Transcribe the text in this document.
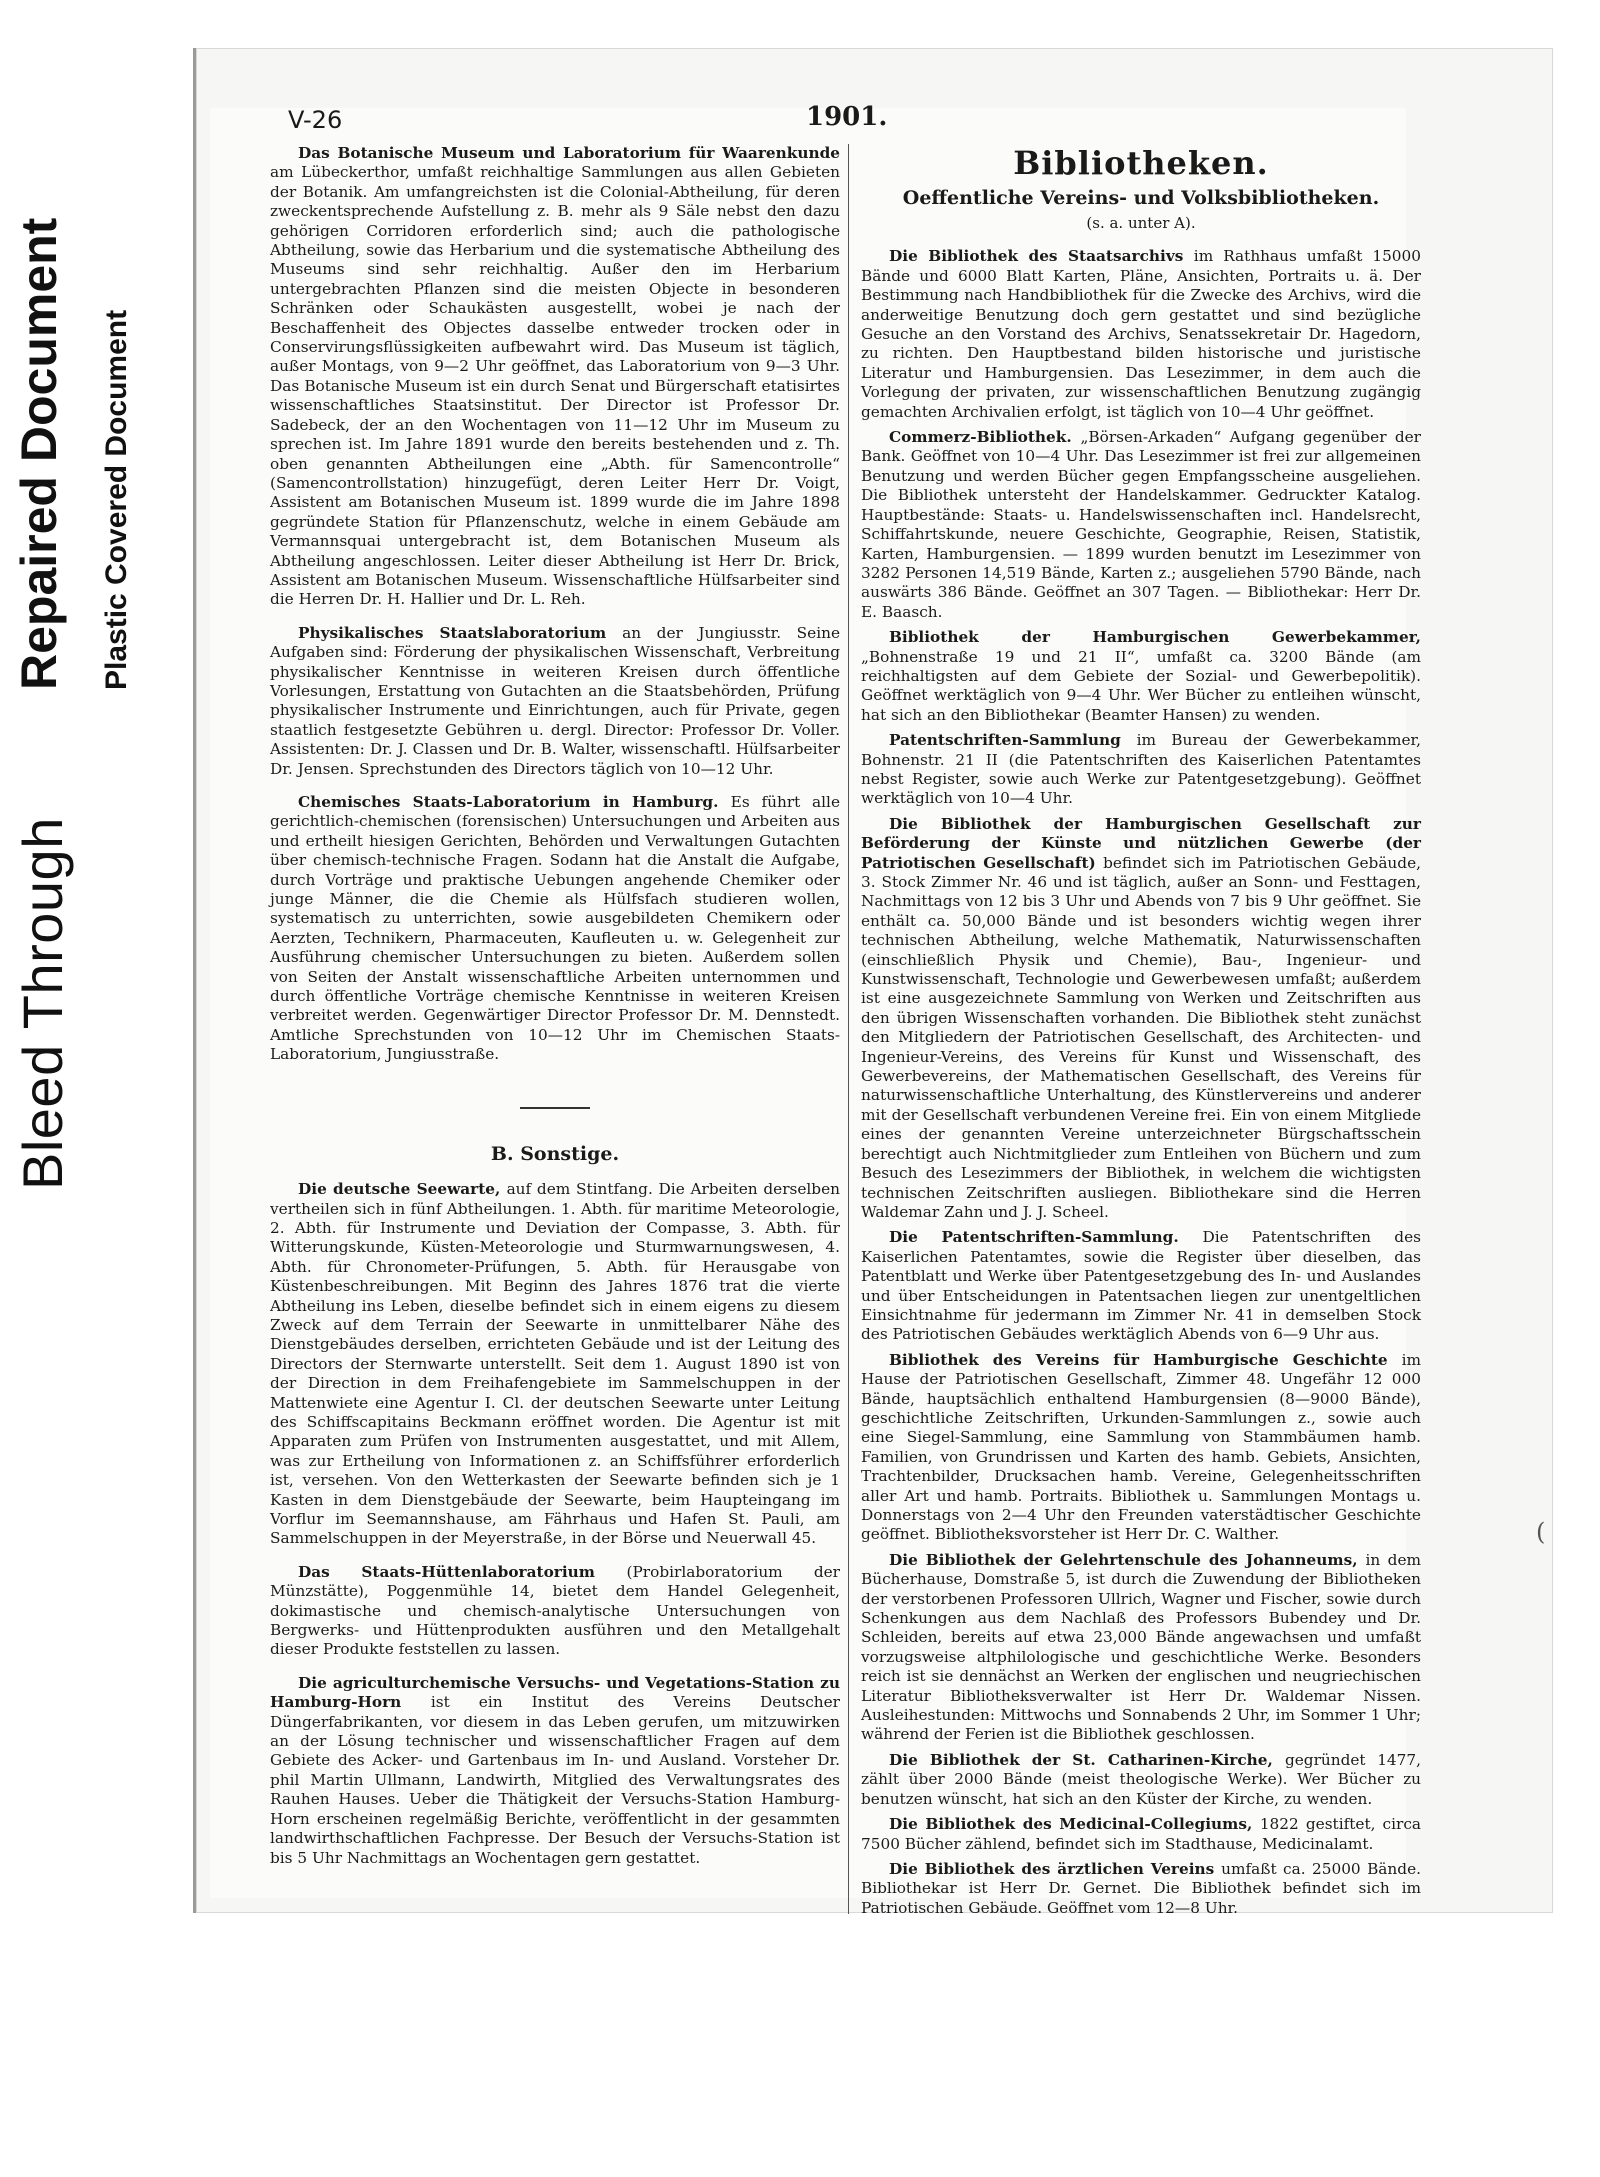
Bleed Through
Repaired Document Plastic Covered Document
V-26	1901.
(

Das Botanische Museum und Laboratorium für Waarenkunde am Lübeckerthor, umfaßt reichhaltige Sammlungen aus allen Gebieten der Botanik. Am umfangreichsten ist die Colonial-Abtheilung, für deren zweckentsprechende Aufstellung z. B. mehr als 9 Säle nebst den dazu gehörigen Corridoren erforderlich sind; auch die pathologische Abtheilung, sowie das Herbarium und die systematische Abtheilung des Museums sind sehr reichhaltig. Außer den im Herbarium untergebrachten Pflanzen sind die meisten Objecte in besonderen Schränken oder Schaukästen ausgestellt, wobei je nach der Beschaffenheit des Objectes dasselbe entweder trocken oder in Conservirungsflüssigkeiten aufbewahrt wird. Das Museum ist täglich, außer Montags, von 9—2 Uhr geöffnet, das Laboratorium von 9—3 Uhr. Das Botanische Museum ist ein durch Senat und Bürgerschaft etatisirtes wissenschaftliches Staatsinstitut. Der Director ist Professor Dr. Sadebeck, der an den Wochentagen von 11—12 Uhr im Museum zu sprechen ist. Im Jahre 1891 wurde den bereits bestehenden und z. Th. oben genannten Abtheilungen eine „Abth. für Samencontrolle“ (Samencontrollstation) hinzugefügt, deren Leiter Herr Dr. Voigt, Assistent am Botanischen Museum ist. 1899 wurde die im Jahre 1898 gegründete Station für Pflanzenschutz, welche in einem Gebäude am Vermannsquai untergebracht ist, dem Botanischen Museum als Abtheilung angeschlossen. Leiter dieser Abtheilung ist Herr Dr. Brick, Assistent am Botanischen Museum. Wissenschaftliche Hülfsarbeiter sind die Herren Dr. H. Hallier und Dr. L. Reh.

Physikalisches Staatslaboratorium an der Jungiusstr. Seine Aufgaben sind: Förderung der physikalischen Wissenschaft, Verbreitung physikalischer Kenntnisse in weiteren Kreisen durch öffentliche Vorlesungen, Erstattung von Gutachten an die Staatsbehörden, Prüfung physikalischer Instrumente und Einrichtungen, auch für Private, gegen staatlich festgesetzte Gebühren u. dergl. Director: Professor Dr. Voller. Assistenten: Dr. J. Classen und Dr. B. Walter, wissenschaftl. Hülfsarbeiter Dr. Jensen. Sprechstunden des Directors täglich von 10—12 Uhr.

Chemisches Staats-Laboratorium in Hamburg. Es führt alle gerichtlich-chemischen (forensischen) Untersuchungen und Arbeiten aus und ertheilt hiesigen Gerichten, Behörden und Verwaltungen Gutachten über chemisch-technische Fragen. Sodann hat die Anstalt die Aufgabe, durch Vorträge und praktische Uebungen angehende Chemiker oder junge Männer, die die Chemie als Hülfsfach studieren wollen, systematisch zu unterrichten, sowie ausgebildeten Chemikern oder Aerzten, Technikern, Pharmaceuten, Kaufleuten u. w. Gelegenheit zur Ausführung chemischer Untersuchungen zu bieten. Außerdem sollen von Seiten der Anstalt wissenschaftliche Arbeiten unternommen und durch öffentliche Vorträge chemische Kenntnisse in weiteren Kreisen verbreitet werden. Gegenwärtiger Director Professor Dr. M. Dennstedt. Amtliche Sprechstunden von 10—12 Uhr im Chemischen Staats-Laboratorium, Jungiusstraße.

B. Sonstige.

Die deutsche Seewarte, auf dem Stintfang. Die Arbeiten derselben vertheilen sich in fünf Abtheilungen. 1. Abth. für maritime Meteorologie, 2. Abth. für Instrumente und Deviation der Compasse, 3. Abth. für Witterungskunde, Küsten-Meteorologie und Sturmwarnungswesen, 4. Abth. für Chronometer-Prüfungen, 5. Abth. für Herausgabe von Küstenbeschreibungen. Mit Beginn des Jahres 1876 trat die vierte Abtheilung ins Leben, dieselbe befindet sich in einem eigens zu diesem Zweck auf dem Terrain der Seewarte in unmittelbarer Nähe des Dienstgebäudes derselben, errichteten Gebäude und ist der Leitung des Directors der Sternwarte unterstellt. Seit dem 1. August 1890 ist von der Direction in dem Freihafengebiete im Sammelschuppen in der Mattenwiete eine Agentur I. Cl. der deutschen Seewarte unter Leitung des Schiffscapitains Beckmann eröffnet worden. Die Agentur ist mit Apparaten zum Prüfen von Instrumenten ausgestattet, und mit Allem, was zur Ertheilung von Informationen z. an Schiffsführer erforderlich ist, versehen. Von den Wetterkasten der Seewarte befinden sich je 1 Kasten in dem Dienstgebäude der Seewarte, beim Haupteingang im Vorflur im Seemannshause, am Fährhaus und Hafen St. Pauli, am Sammelschuppen in der Meyerstraße, in der Börse und Neuerwall 45.

Das Staats-Hüttenlaboratorium (Probirlaboratorium der Münzstätte), Poggenmühle 14, bietet dem Handel Gelegenheit, dokimastische und chemisch-analytische Untersuchungen von Bergwerks- und Hüttenprodukten ausführen und den Metallgehalt dieser Produkte feststellen zu lassen.

Die agriculturchemische Versuchs- und Vegetations-Station zu Hamburg-Horn ist ein Institut des Vereins Deutscher Düngerfabrikanten, vor diesem in das Leben gerufen, um mitzuwirken an der Lösung technischer und wissenschaftlicher Fragen auf dem Gebiete des Acker- und Gartenbaus im In- und Ausland. Vorsteher Dr. phil Martin Ullmann, Landwirth, Mitglied des Verwaltungsrates des Rauhen Hauses. Ueber die Thätigkeit der Versuchs-Station Hamburg-Horn erscheinen regelmäßig Berichte, veröffentlicht in der gesammten landwirthschaftlichen Fachpresse. Der Besuch der Versuchs-Station ist bis 5 Uhr Nachmittags an Wochentagen gern gestattet.

Bibliotheken.
Oeffentliche Vereins- und Volksbibliotheken.
(s. a. unter A).

Die Bibliothek des Staatsarchivs im Rathhaus umfaßt 15000 Bände und 6000 Blatt Karten, Pläne, Ansichten, Portraits u. ä. Der Bestimmung nach Handbibliothek für die Zwecke des Archivs, wird die anderweitige Benutzung doch gern gestattet und sind bezügliche Gesuche an den Vorstand des Archivs, Senatssekretair Dr. Hagedorn, zu richten. Den Hauptbestand bilden historische und juristische Literatur und Hamburgensien. Das Lesezimmer, in dem auch die Vorlegung der privaten, zur wissenschaftlichen Benutzung zugängig gemachten Archivalien erfolgt, ist täglich von 10—4 Uhr geöffnet.

Commerz-Bibliothek. „Börsen-Arkaden“ Aufgang gegenüber der Bank. Geöffnet von 10—4 Uhr. Das Lesezimmer ist frei zur allgemeinen Benutzung und werden Bücher gegen Empfangsscheine ausgeliehen. Die Bibliothek untersteht der Handelskammer. Gedruckter Katalog. Hauptbestände: Staats- u. Handelswissenschaften incl. Handelsrecht, Schiffahrtskunde, neuere Geschichte, Geographie, Reisen, Statistik, Karten, Hamburgensien. — 1899 wurden benutzt im Lesezimmer von 3282 Personen 14,519 Bände, Karten z.; ausgeliehen 5790 Bände, nach auswärts 386 Bände. Geöffnet an 307 Tagen. — Bibliothekar: Herr Dr. E. Baasch.

Bibliothek der Hamburgischen Gewerbekammer, „Bohnenstraße 19 und 21 II“, umfaßt ca. 3200 Bände (am reichhaltigsten auf dem Gebiete der Sozial- und Gewerbepolitik). Geöffnet werktäglich von 9—4 Uhr. Wer Bücher zu entleihen wünscht, hat sich an den Bibliothekar (Beamter Hansen) zu wenden.

Patentschriften-Sammlung im Bureau der Gewerbekammer, Bohnenstr. 21 II (die Patentschriften des Kaiserlichen Patentamtes nebst Register, sowie auch Werke zur Patentgesetzgebung). Geöffnet werktäglich von 10—4 Uhr.

Die Bibliothek der Hamburgischen Gesellschaft zur Beförderung der Künste und nützlichen Gewerbe (der Patriotischen Gesellschaft) befindet sich im Patriotischen Gebäude, 3. Stock Zimmer Nr. 46 und ist täglich, außer an Sonn- und Festtagen, Nachmittags von 12 bis 3 Uhr und Abends von 7 bis 9 Uhr geöffnet. Sie enthält ca. 50,000 Bände und ist besonders wichtig wegen ihrer technischen Abtheilung, welche Mathematik, Naturwissenschaften (einschließlich Physik und Chemie), Bau-, Ingenieur- und Kunstwissenschaft, Technologie und Gewerbewesen umfaßt; außerdem ist eine ausgezeichnete Sammlung von Werken und Zeitschriften aus den übrigen Wissenschaften vorhanden. Die Bibliothek steht zunächst den Mitgliedern der Patriotischen Gesellschaft, des Architecten- und Ingenieur-Vereins, des Vereins für Kunst und Wissenschaft, des Gewerbevereins, der Mathematischen Gesellschaft, des Vereins für naturwissenschaftliche Unterhaltung, des Künstlervereins und anderer mit der Gesellschaft verbundenen Vereine frei. Ein von einem Mitgliede eines der genannten Vereine unterzeichneter Bürgschaftsschein berechtigt auch Nichtmitglieder zum Entleihen von Büchern und zum Besuch des Lesezimmers der Bibliothek, in welchem die wichtigsten technischen Zeitschriften ausliegen. Bibliothekare sind die Herren Waldemar Zahn und J. J. Scheel.

Die Patentschriften-Sammlung. Die Patentschriften des Kaiserlichen Patentamtes, sowie die Register über dieselben, das Patentblatt und Werke über Patentgesetzgebung des In- und Auslandes und über Entscheidungen in Patentsachen liegen zur unentgeltlichen Einsichtnahme für jedermann im Zimmer Nr. 41 in demselben Stock des Patriotischen Gebäudes werktäglich Abends von 6—9 Uhr aus.

Bibliothek des Vereins für Hamburgische Geschichte im Hause der Patriotischen Gesellschaft, Zimmer 48. Ungefähr 12 000 Bände, hauptsächlich enthaltend Hamburgensien (8—9000 Bände), geschichtliche Zeitschriften, Urkunden-Sammlungen z., sowie auch eine Siegel-Sammlung, eine Sammlung von Stammbäumen hamb. Familien, von Grundrissen und Karten des hamb. Gebiets, Ansichten, Trachtenbilder, Drucksachen hamb. Vereine, Gelegenheitsschriften aller Art und hamb. Portraits. Bibliothek u. Sammlungen Montags u. Donnerstags von 2—4 Uhr den Freunden vaterstädtischer Geschichte geöffnet. Bibliotheksvorsteher ist Herr Dr. C. Walther.

Die Bibliothek der Gelehrtenschule des Johanneums, in dem Bücherhause, Domstraße 5, ist durch die Zuwendung der Bibliotheken der verstorbenen Professoren Ullrich, Wagner und Fischer, sowie durch Schenkungen aus dem Nachlaß des Professors Bubendey und Dr. Schleiden, bereits auf etwa 23,000 Bände angewachsen und umfaßt vorzugsweise altphilologische und geschichtliche Werke. Besonders reich ist sie dennächst an Werken der englischen und neugriechischen Literatur Bibliotheksverwalter ist Herr Dr. Waldemar Nissen. Ausleihestunden: Mittwochs und Sonnabends 2 Uhr, im Sommer 1 Uhr; während der Ferien ist die Bibliothek geschlossen.

Die Bibliothek der St. Catharinen-Kirche, gegründet 1477, zählt über 2000 Bände (meist theologische Werke). Wer Bücher zu benutzen wünscht, hat sich an den Küster der Kirche, zu wenden.

Die Bibliothek des Medicinal-Collegiums, 1822 gestiftet, circa 7500 Bücher zählend, befindet sich im Stadthause, Medicinalamt.

Die Bibliothek des ärztlichen Vereins umfaßt ca. 25000 Bände. Bibliothekar ist Herr Dr. Gernet. Die Bibliothek befindet sich im Patriotischen Gebäude. Geöffnet vom 12—8 Uhr.
